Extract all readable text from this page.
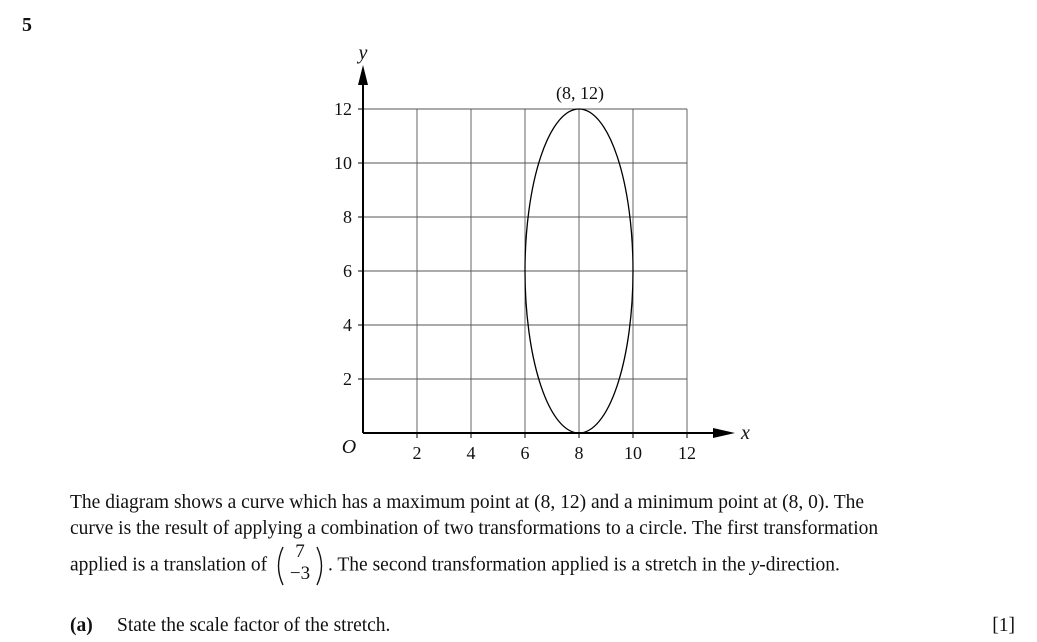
5
2	4	6	8 10 12
2
4
6
8
10
12
O
x
y
(8, 12)
The diagram shows a curve which has a maximum point at (8, 12) and a minimum point at (8, 0). The
curve is the result of applying a combination of two transformations to a circle. The first transformation
applied is a translation of
7
−3 . The second transformation applied is a stretch in the y-direction.
(a) State the scale factor of the stretch.	[1]
